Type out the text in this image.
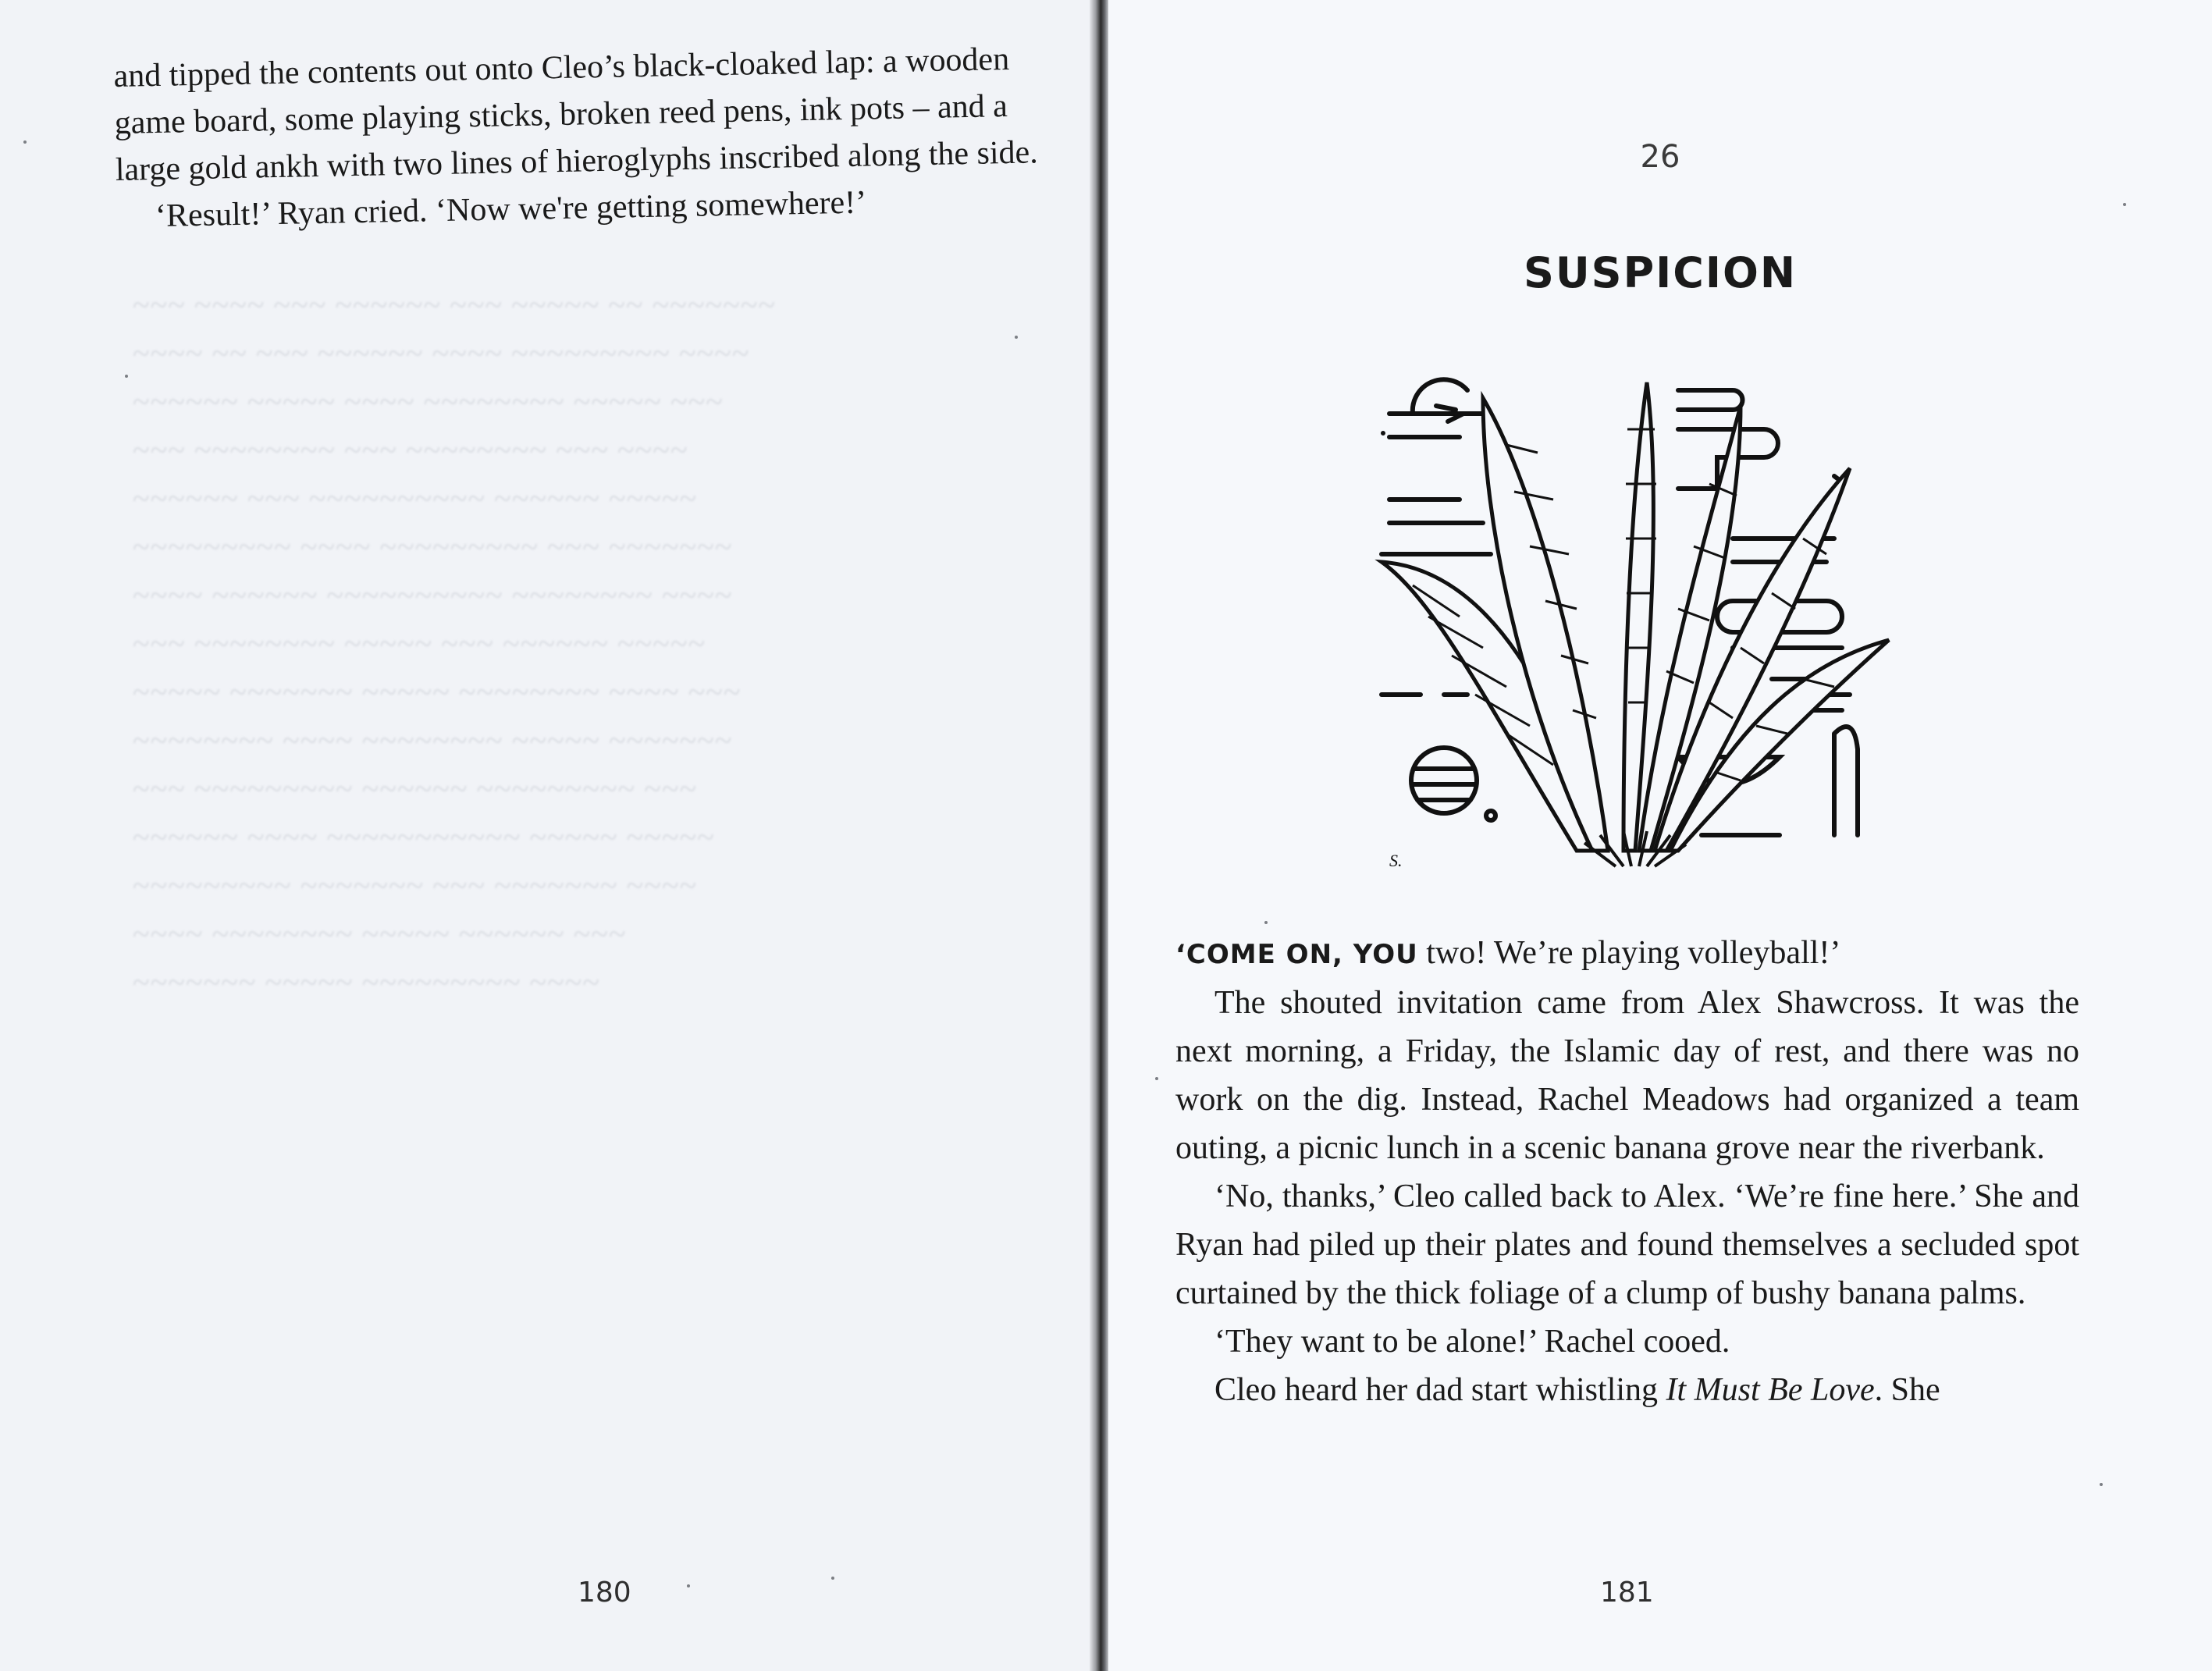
~~~ ~~~~ ~~~ ~~~~~~ ~~~ ~~~~~ ~~ ~~~~~~~
~~~~ ~~ ~~~ ~~~~~~ ~~~~ ~~~~~~~~~ ~~~~
~~~~~~ ~~~~~ ~~~~ ~~~~~~~~ ~~~~~ ~~~
~~~ ~~~~~~~~ ~~~ ~~~~~~~~ ~~~ ~~~~
~~~~~~ ~~~ ~~~~~~~~~~ ~~~~~~ ~~~~~
~~~~~~~~~ ~~~~ ~~~~~~~~~ ~~~ ~~~~~~~
~~~~ ~~~~~~ ~~~~~~~~~~ ~~~~~~~~ ~~~~
~~~ ~~~~~~~~ ~~~~~ ~~~ ~~~~~~ ~~~~~
~~~~~ ~~~~~~~ ~~~~~ ~~~~~~~~ ~~~~ ~~~
~~~~~~~~ ~~~~ ~~~~~~~~ ~~~~~ ~~~~~~~
~~~ ~~~~~~~~~ ~~~~~~ ~~~~~~~~~ ~~~
~~~~~~ ~~~~ ~~~~~~~~~~~ ~~~~~ ~~~~~
~~~~~~~~~ ~~~~~~~ ~~~ ~~~~~~~ ~~~~
~~~~ ~~~~~~~~ ~~~~~ ~~~~~~ ~~~
~~~~~~~ ~~~~~ ~~~~~~~~~ ~~~~

and tipped the contents out onto Cleo’s black-cloaked lap: a wooden game board, some playing sticks, broken reed pens, ink pots – and a large gold ankh with two lines of hieroglyphs inscribed along the side.

‘Result!’ Ryan cried. ‘Now we're getting somewhere!’

180
26
SUSPICION
S.

‘COME ON, YOU two! We’re playing volleyball!’

The shouted invitation came from Alex Shawcross. It was the next morning, a Friday, the Islamic day of rest, and there was no work on the dig. Instead, Rachel Meadows had organized a team outing, a picnic lunch in a scenic banana grove near the riverbank.

‘No, thanks,’ Cleo called back to Alex. ‘We’re fine here.’ She and Ryan had piled up their plates and found themselves a secluded spot curtained by the thick foliage of a clump of bushy banana palms.

‘They want to be alone!’ Rachel cooed.

Cleo heard her dad start whistling It Must Be Love. She

181
